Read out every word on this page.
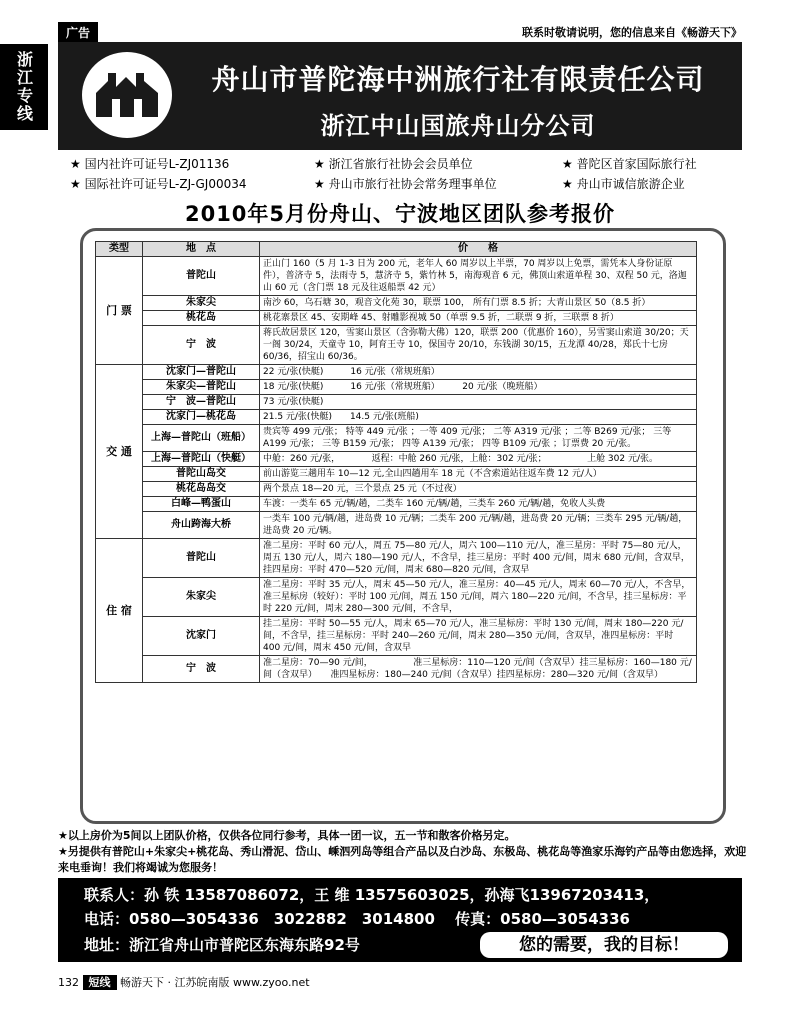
浙江专线
广告	联系时敬请说明，您的信息来自《畅游天下》
舟山市普陀海中洲旅行社有限责任公司
浙江中山国旅舟山分公司
★ 国内社许可证号L-ZJ01136	★ 浙江省旅行社协会会员单位	★ 普陀区首家国际旅行社
★ 国际社许可证号L-ZJ-GJ00034	★ 舟山市旅行社协会常务理事单位	★ 舟山市诚信旅游企业
2010年5月份舟山、宁波地区团队参考报价
类型	地　点	价　　格
门 票	普陀山	正山门 160（5 月 1-3 日为 200 元，老年人 60 周岁以上半票，70 周岁以上免票，需凭本人身份证原件），普济寺 5，法雨寺 5，慧济寺 5，紫竹林 5，南海观音 6 元，佛顶山索道单程 30、双程 50 元，洛迦山 60 元（含门票 18 元及往返船票 42 元）
	朱家尖	南沙 60，乌石塘 30，观音文化苑 30，联票 100， 所有门票 8.5 折；大青山景区 50（8.5 折）
	桃花岛	桃花寨景区 45、安期峰 45、射雕影视城 50（单票 9.5 折，二联票 9 折，三联票 8 折）
	宁　波	蒋氏故居景区 120，雪窦山景区（含弥勒大佛）120，联票 200（优惠价 160），另雪窦山索道 30/20；天一阁 30/24，天童寺 10，阿育王寺 10，保国寺 20/10，东钱湖 30/15，五龙潭 40/28，郑氏十七房 60/36，招宝山 60/36。
交 通	沈家门—普陀山	22 元/张(快艇)　　　16 元/张（常规班船）
	朱家尖—普陀山	18 元/张(快艇)　　　16 元/张（常规班船）　　　20 元/张（晚班船）
	宁　波—普陀山	73 元/张(快艇)
	沈家门—桃花岛	21.5 元/张(快艇)　　14.5 元/张(班船)
	上海—普陀山（班船）	贵宾等 499 元/张； 特等 449 元/张 ；一等 409 元/张； 二等 A319 元/张 ；二等 B269 元/张； 三等 A199 元/张； 三等 B159 元/张； 四等 A139 元/张； 四等 B109 元/张 ；订票费 20 元/张。
	上海—普陀山（快艇）	中舱：260 元/张，　　　　返程：中舱 260 元/张，上舱：302 元/张；　　　　　上舱 302 元/张。
	普陀山岛交	前山游览三趟用车 10—12 元,全山四趟用车 18 元（不含索道站往返车费 12 元/人）
	桃花岛岛交	两个景点 18—20 元，三个景点 25 元（不过夜）
	白峰—鸭蛋山	车渡：一类车 65 元/辆/趟，二类车 160 元/辆/趟，三类车 260 元/辆/趟，免收人头费
	舟山跨海大桥	一类车 100 元/辆/趟，进岛费 10 元/辆；二类车 200 元/辆/趟，进岛费 20 元/辆；三类车 295 元/辆/趟，进岛费 20 元/辆。
住 宿	普陀山	准二星房：平时 60 元/人，周五 75—80 元/人，周六 100—110 元/人，准三星房：平时 75—80 元/人，周五 130 元/人，周六 180—190 元/人，不含早，挂三星房：平时 400 元/间，周末 680 元/间，含双早，挂四星房：平时 470—520 元/间，周末 680—820 元/间，含双早
	朱家尖	准二星房：平时 35 元/人，周末 45—50 元/人，准三星房：40—45 元/人，周末 60—70 元/人，不含早，准三星标房（较好）：平时 100 元/间，周五 150 元/间，周六 180—220 元/间，不含早，挂三星标房：平时 220 元/间，周末 280—300 元/间，不含早，
	沈家门	挂二星房：平时 50—55 元/人，周末 65—70 元/人，准三星标房：平时 130 元/间，周末 180—220 元/间，不含早，挂三星标房：平时 240—260 元/间，周末 280—350 元/间，含双早，准四星标房：平时 400 元/间，周末 450 元/间，含双早
	宁　波	准二星房：70—90 元/间，　　　　　准三星标房：110—120 元/间（含双早）挂三星标房：160—180 元/间（含双早）　　准四星标房：180—240 元/间（含双早）挂四星标房：280—320 元/间（含双早）
★以上房价为5间以上团队价格，仅供各位同行参考，具体一团一议，五一节和散客价格另定。
★另提供有普陀山+朱家尖+桃花岛、秀山滑泥、岱山、嵊泗列岛等组合产品以及白沙岛、东极岛、桃花岛等渔家乐海钓产品等由您选择，欢迎来电垂询！我们将竭诚为您服务！
联系人：孙 铁 13587086072，王 维 13575603025，孙海飞13967203413，
电话：0580—3054336　3022882　3014800　 传真：0580—3054336
地址：浙江省舟山市普陀区东海东路92号	您的需要，我的目标！
132 短线 畅游天下 · 江苏皖南版 www.zyoo.net
